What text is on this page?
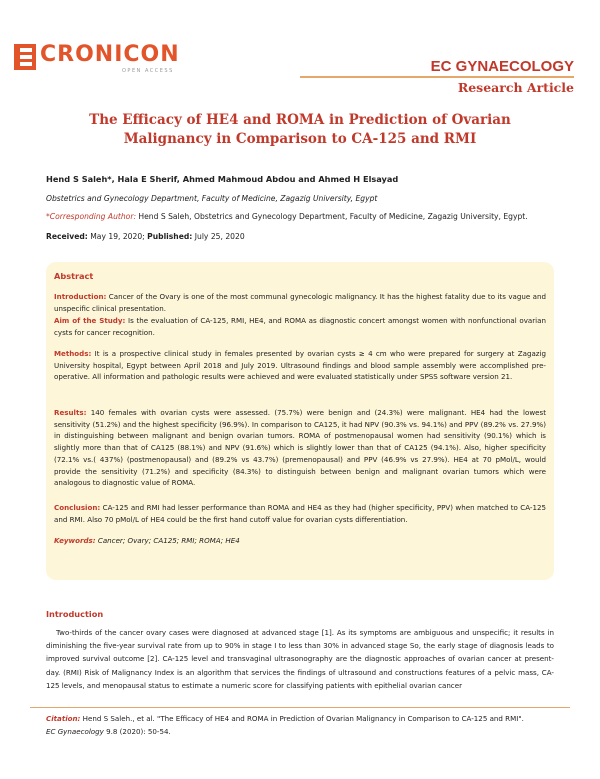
CRONICON
OPEN ACCESS	EC GYNAECOLOGY
Research Article
The Efficacy of HE4 and ROMA in Prediction of Ovarian Malignancy in Comparison to CA-125 and RMI
Hend S Saleh*, Hala E Sherif, Ahmed Mahmoud Abdou and Ahmed H Elsayad
Obstetrics and Gynecology Department, Faculty of Medicine, Zagazig University, Egypt
*Corresponding Author: Hend S Saleh, Obstetrics and Gynecology Department, Faculty of Medicine, Zagazig University, Egypt.
Received: May 19, 2020; Published: July 25, 2020
Abstract
Introduction: Cancer of the Ovary is one of the most communal gynecologic malignancy. It has the highest fatality due to its vague and unspecific clinical presentation.
Aim of the Study: Is the evaluation of CA-125, RMI, HE4, and ROMA as diagnostic concert amongst women with nonfunctional ovarian cysts for cancer recognition.
Methods: It is a prospective clinical study in females presented by ovarian cysts ≥ 4 cm who were prepared for surgery at Zagazig University hospital, Egypt between April 2018 and July 2019. Ultrasound findings and blood sample assembly were accomplished pre-operative. All information and pathologic results were achieved and were evaluated statistically under SPSS software version 21.
Results: 140 females with ovarian cysts were assessed. (75.7%) were benign and (24.3%) were malignant. HE4 had the lowest sensitivity (51.2%) and the highest specificity (96.9%). In comparison to CA125, it had NPV (90.3% vs. 94.1%) and PPV (89.2% vs. 27.9%) in distinguishing between malignant and benign ovarian tumors. ROMA of postmenopausal women had sensitivity (90.1%) which is slightly more than that of CA125 (88.1%) and NPV (91.6%) which is slightly lower than that of CA125 (94.1%). Also, higher specificity (72.1% vs.( 437%) (postmenopausal) and (89.2% vs 43.7%) (premenopausal) and PPV (46.9% vs 27.9%). HE4 at 70 pMol/L, would provide the sensitivity (71.2%) and specificity (84.3%) to distinguish between benign and malignant ovarian tumors which were analogous to diagnostic value of ROMA.
Conclusion: CA-125 and RMI had lesser performance than ROMA and HE4 as they had (higher specificity, PPV) when matched to CA-125 and RMI. Also 70 pMol/L of HE4 could be the first hand cutoff value for ovarian cysts differentiation.
Keywords: Cancer; Ovary; CA125; RMI; ROMA; HE4
Introduction
Two-thirds of the cancer ovary cases were diagnosed at advanced stage [1]. As its symptoms are ambiguous and unspecific; it results in diminishing the five-year survival rate from up to 90% in stage I to less than 30% in advanced stage So, the early stage of diagnosis leads to improved survival outcome [2]. CA-125 level and transvaginal ultrasonography are the diagnostic approaches of ovarian cancer at present-day. (RMI) Risk of Malignancy Index is an algorithm that services the findings of ultrasound and constructions features of a pelvic mass, CA-125 levels, and menopausal status to estimate a numeric score for classifying patients with epithelial ovarian cancer
Citation: Hend S Saleh., et al. "The Efficacy of HE4 and ROMA in Prediction of Ovarian Malignancy in Comparison to CA-125 and RMI".
EC Gynaecology 9.8 (2020): 50-54.
